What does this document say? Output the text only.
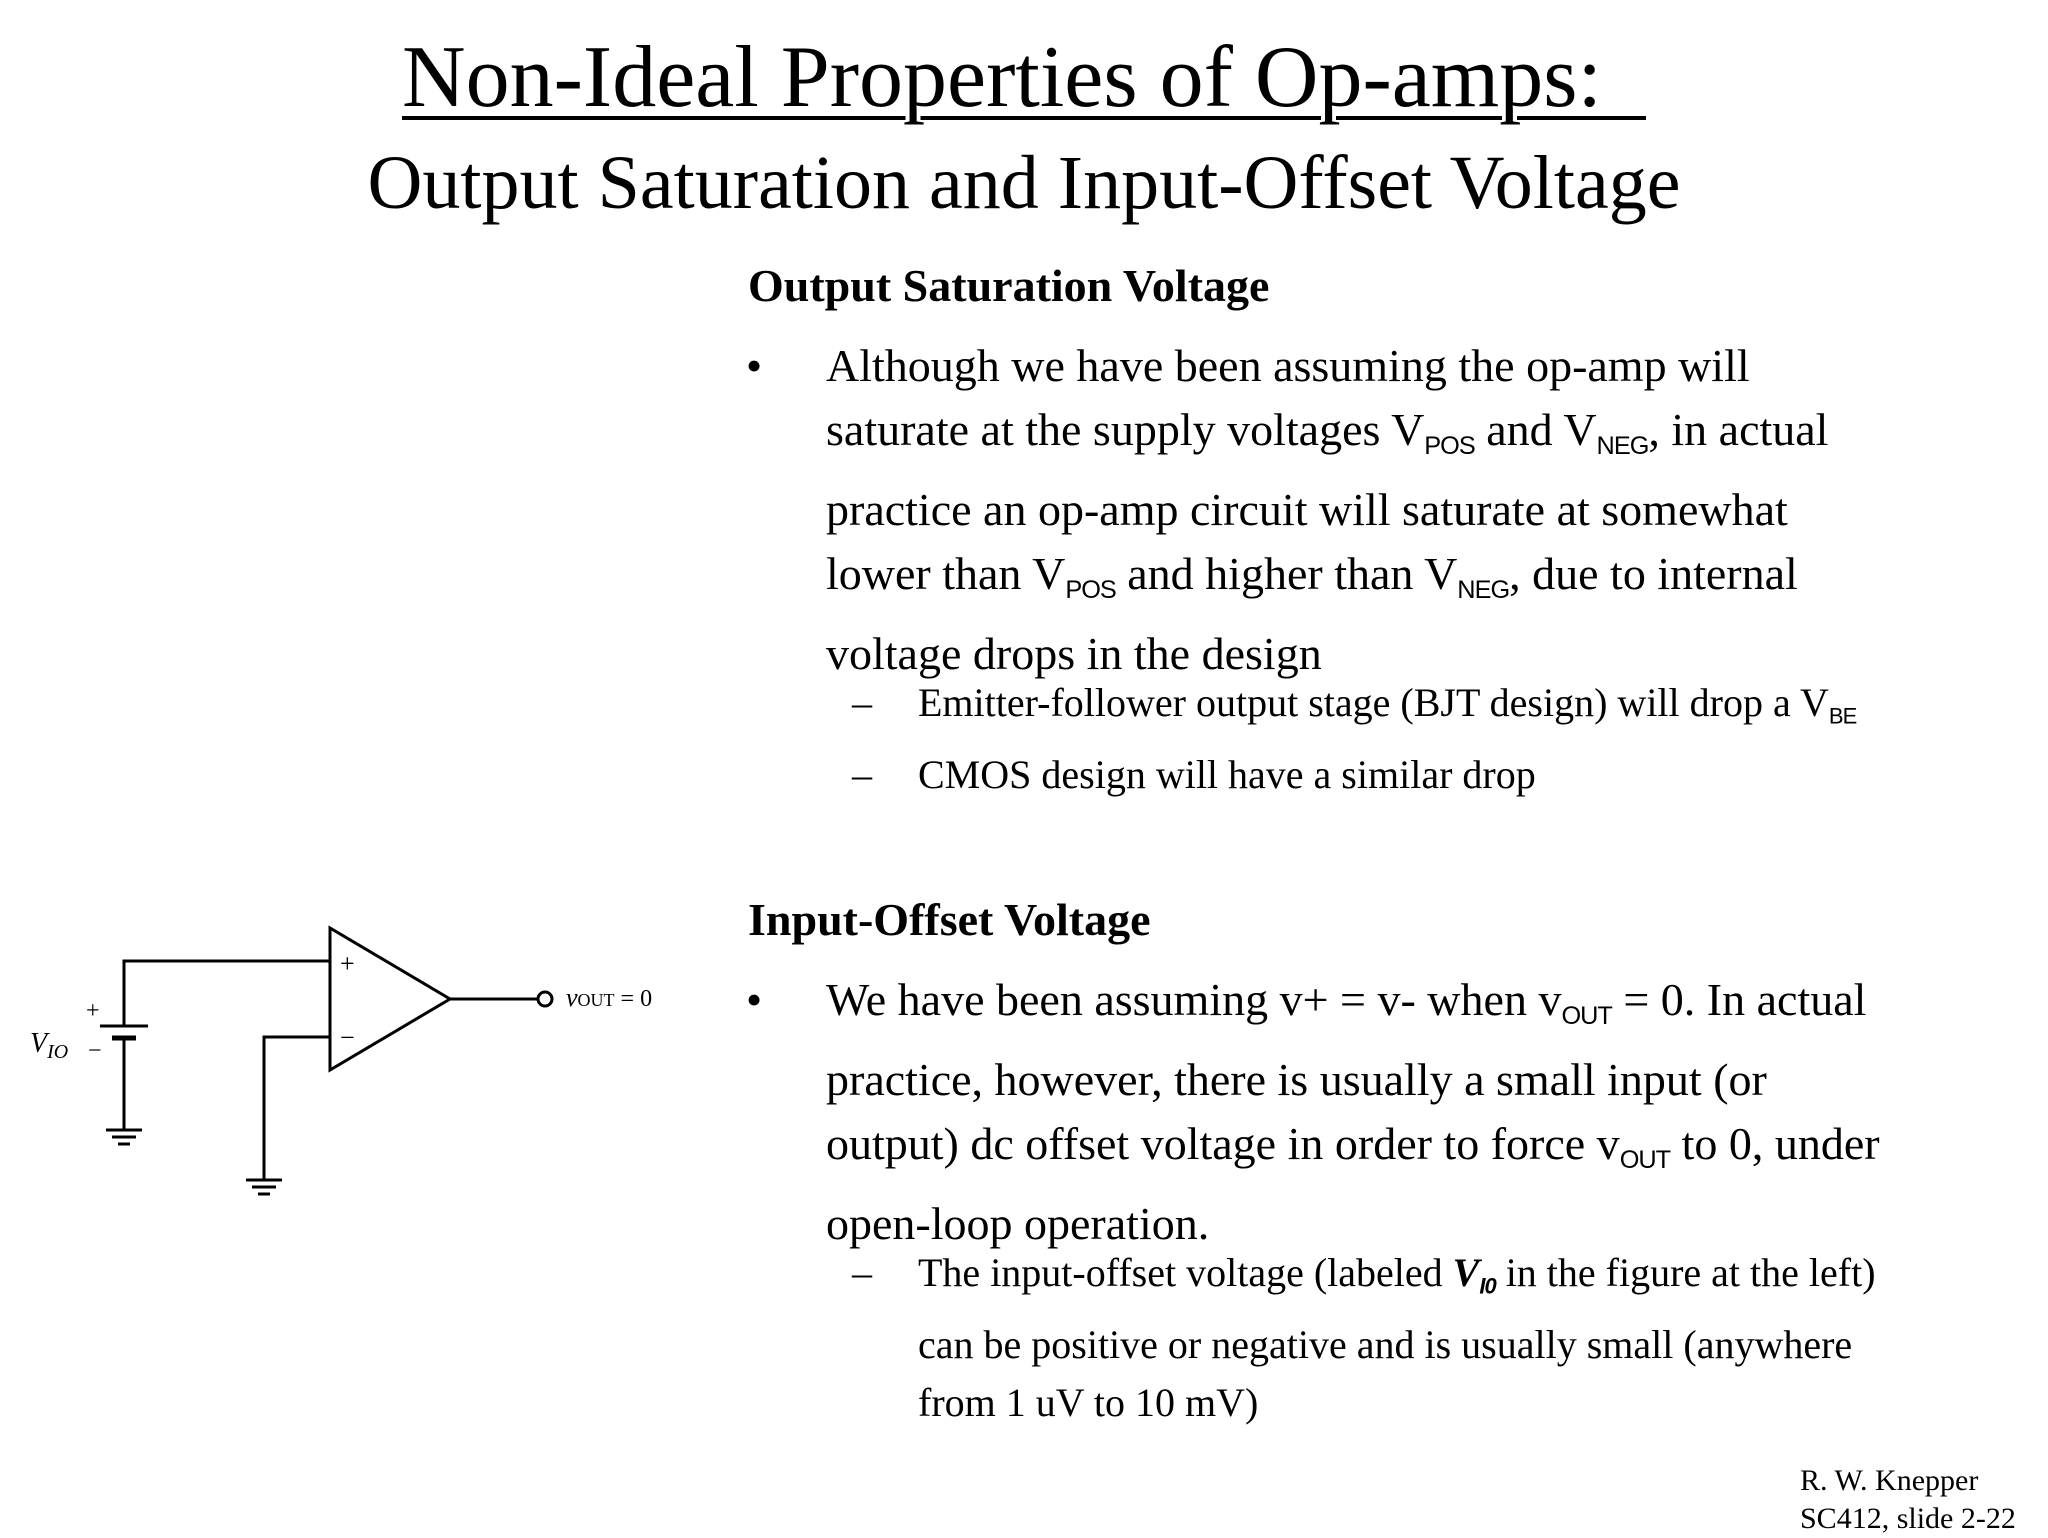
Non-Ideal Properties of Op-amps:
Output Saturation and Input-Offset Voltage
Output Saturation Voltage
• Although we have been assuming the op-amp will
saturate at the supply voltages VPOS and VNEG, in actual
practice an op-amp circuit will saturate at somewhat
lower than VPOS and higher than VNEG, due to internal
voltage drops in the design
– Emitter-follower output stage (BJT design) will drop a VBE
– CMOS design will have a similar drop
Input-Offset Voltage
• We have been assuming v+ = v- when vOUT = 0. In actual
practice, however, there is usually a small input (or
output) dc offset voltage in order to force vOUT to 0, under
open-loop operation.
– The input-offset voltage (labeled VI0 in the figure at the left)
can be positive or negative and is usually small (anywhere
from 1 uV to 10 mV)
+
−
+
−
$V_{IO}$
vOUT = 0
R. W. Knepper
SC412, slide 2-22
